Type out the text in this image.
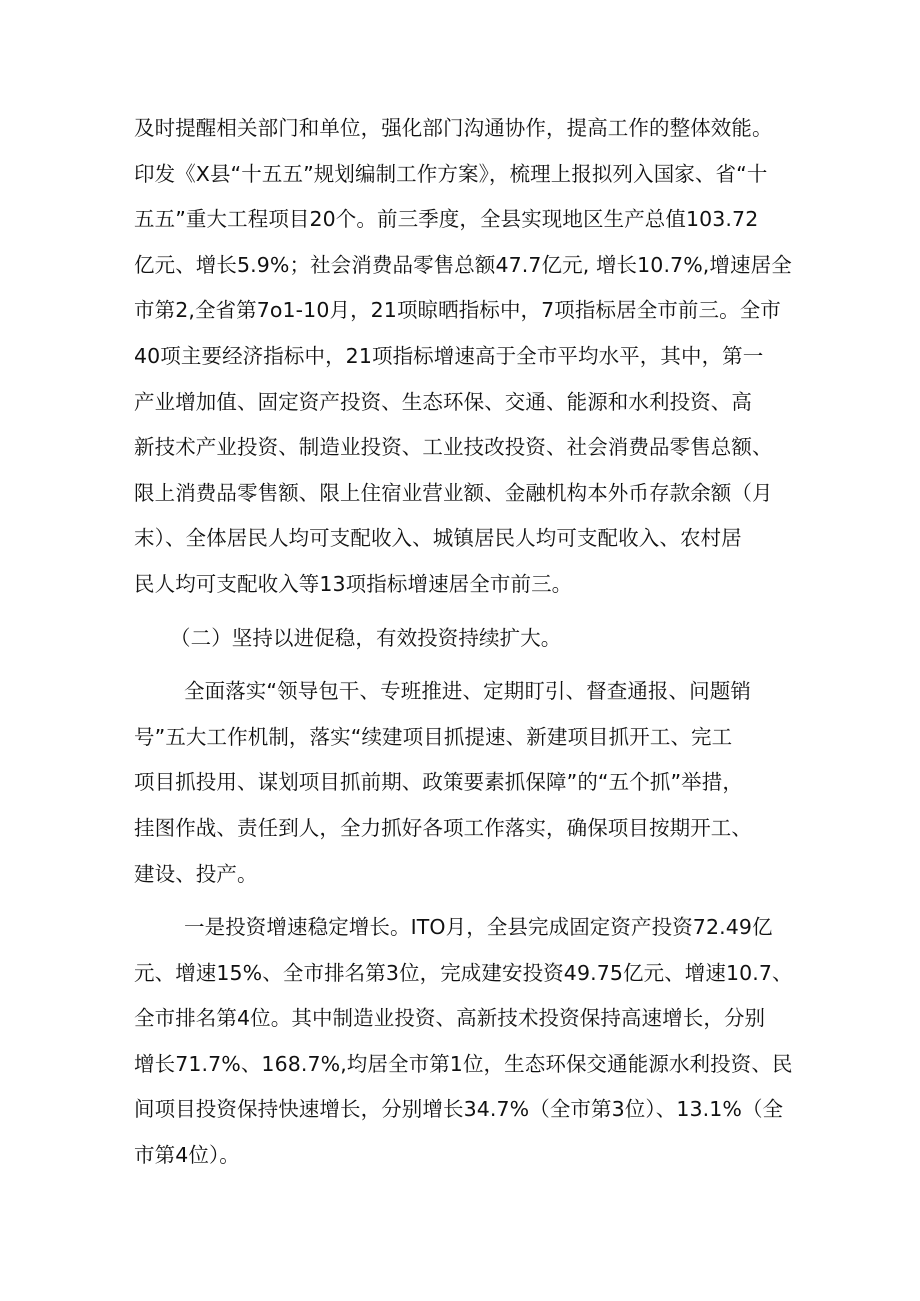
及时提醒相关部门和单位，强化部门沟通协作，提高工作的整体效能。
印发《X县“十五五”规划编制工作方案》，梳理上报拟列入国家、省“十
五五”重大工程项目20个。前三季度，全县实现地区生产总值103.72
亿元、增长5.9%；社会消费品零售总额47.7亿元, 增长10.7%,增速居全
市第2,全省第7o1-10月，21项晾晒指标中，7项指标居全市前三。全市
40项主要经济指标中，21项指标增速高于全市平均水平，其中，第一
产业增加值、固定资产投资、生态环保、交通、能源和水利投资、高
新技术产业投资、制造业投资、工业技改投资、社会消费品零售总额、
限上消费品零售额、限上住宿业营业额、金融机构本外币存款余额（月
末）、全体居民人均可支配收入、城镇居民人均可支配收入、农村居
民人均可支配收入等13项指标增速居全市前三。
（二）坚持以进促稳，有效投资持续扩大。
全面落实“领导包干、专班推进、定期盯引、督查通报、问题销
号”五大工作机制，落实“续建项目抓提速、新建项目抓开工、完工
项目抓投用、谋划项目抓前期、政策要素抓保障”的“五个抓”举措，
挂图作战、责任到人，全力抓好各项工作落实，确保项目按期开工、
建设、投产。
一是投资增速稳定增长。ITO月，全县完成固定资产投资72.49亿
元、增速15%、全市排名第3位，完成建安投资49.75亿元、增速10.7、
全市排名第4位。其中制造业投资、高新技术投资保持高速增长，分别
增长71.7%、168.7%,均居全市第1位，生态环保交通能源水利投资、民
间项目投资保持快速增长，分别增长34.7%（全市第3位）、13.1%（全
市第4位）。
